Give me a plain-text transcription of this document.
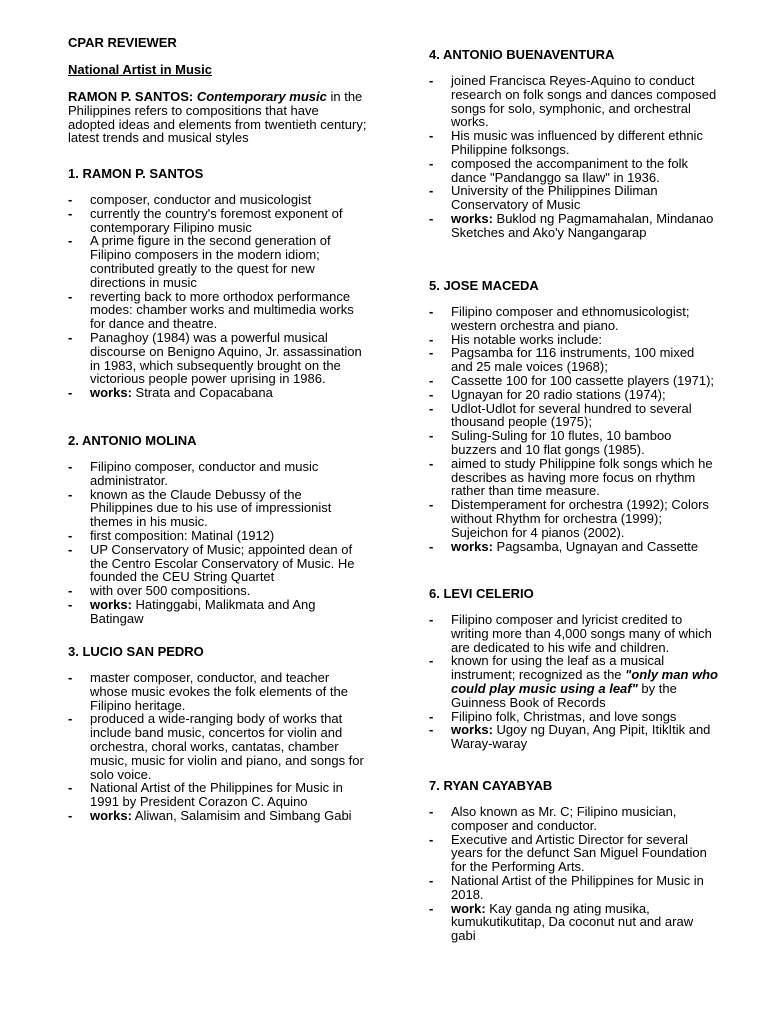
CPAR REVIEWER

National Artist in Music

RAMON P. SANTOS: Contemporary music in the Philippines refers to compositions that have adopted ideas and elements from twentieth century; latest trends and musical styles

1. RAMON P. SANTOS
- composer, conductor and musicologist
- currently the country's foremost exponent of contemporary Filipino music
- A prime figure in the second generation of Filipino composers in the modern idiom; contributed greatly to the quest for new directions in music
- reverting back to more orthodox performance modes: chamber works and multimedia works for dance and theatre.
- Panaghoy (1984) was a powerful musical discourse on Benigno Aquino, Jr. assassination in 1983, which subsequently brought on the victorious people power uprising in 1986.
- works: Strata and Copacabana
2. ANTONIO MOLINA
- Filipino composer, conductor and music administrator.
- known as the Claude Debussy of the Philippines due to his use of impressionist themes in his music.
- first composition: Matinal (1912)
- UP Conservatory of Music; appointed dean of the Centro Escolar Conservatory of Music. He founded the CEU String Quartet
- with over 500 compositions.
- works: Hatinggabi, Malikmata and Ang Batingaw
3. LUCIO SAN PEDRO
- master composer, conductor, and teacher whose music evokes the folk elements of the Filipino heritage.
- produced a wide-ranging body of works that include band music, concertos for violin and orchestra, choral works, cantatas, chamber music, music for violin and piano, and songs for solo voice.
- National Artist of the Philippines for Music in 1991 by President Corazon C. Aquino
- works: Aliwan, Salamisim and Simbang Gabi
4. ANTONIO BUENAVENTURA
- joined Francisca Reyes-Aquino to conduct research on folk songs and dances composed songs for solo, symphonic, and orchestral works.
- His music was influenced by different ethnic Philippine folksongs.
- composed the accompaniment to the folk dance "Pandanggo sa Ilaw" in 1936.
- University of the Philippines Diliman Conservatory of Music
- works: Buklod ng Pagmamahalan, Mindanao Sketches and Ako'y Nangangarap
5. JOSE MACEDA
- Filipino composer and ethnomusicologist; western orchestra and piano.
- His notable works include:
- Pagsamba for 116 instruments, 100 mixed and 25 male voices (1968);
- Cassette 100 for 100 cassette players (1971);
- Ugnayan for 20 radio stations (1974);
- Udlot-Udlot for several hundred to several thousand people (1975);
- Suling-Suling for 10 flutes, 10 bamboo buzzers and 10 flat gongs (1985).
- aimed to study Philippine folk songs which he describes as having more focus on rhythm rather than time measure.
- Distemperament for orchestra (1992); Colors without Rhythm for orchestra (1999); Sujeichon for 4 pianos (2002).
- works: Pagsamba, Ugnayan and Cassette
6. LEVI CELERIO
- Filipino composer and lyricist credited to writing more than 4,000 songs many of which are dedicated to his wife and children.
- known for using the leaf as a musical instrument; recognized as the "only man who could play music using a leaf" by the Guinness Book of Records
- Filipino folk, Christmas, and love songs
- works: Ugoy ng Duyan, Ang Pipit, ItikItik and Waray-waray
7. RYAN CAYABYAB
- Also known as Mr. C; Filipino musician, composer and conductor.
- Executive and Artistic Director for several years for the defunct San Miguel Foundation for the Performing Arts.
- National Artist of the Philippines for Music in 2018.
- work: Kay ganda ng ating musika, kumukutikutitap, Da coconut nut and araw gabi
